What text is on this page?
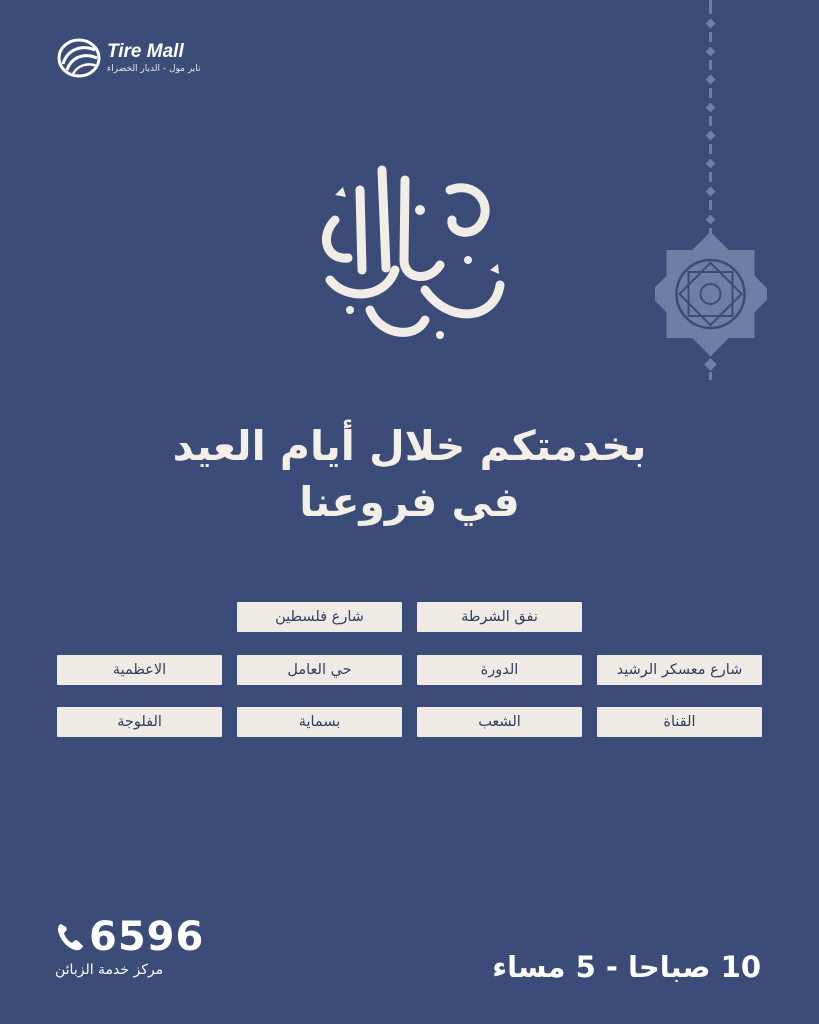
Tire Mall
تاير مول - الديار الخضراء
بخدمتكم خلال أيام العيد
في فروعنا
نفق الشرطة
شارع فلسطين
شارع معسكر الرشيد
الدورة
حي العامل
الاعظمية
القناة
الشعب
بسماية
الفلوجة
6596
مركز خدمة الزبائن	10 صباحا - 5 مساء
